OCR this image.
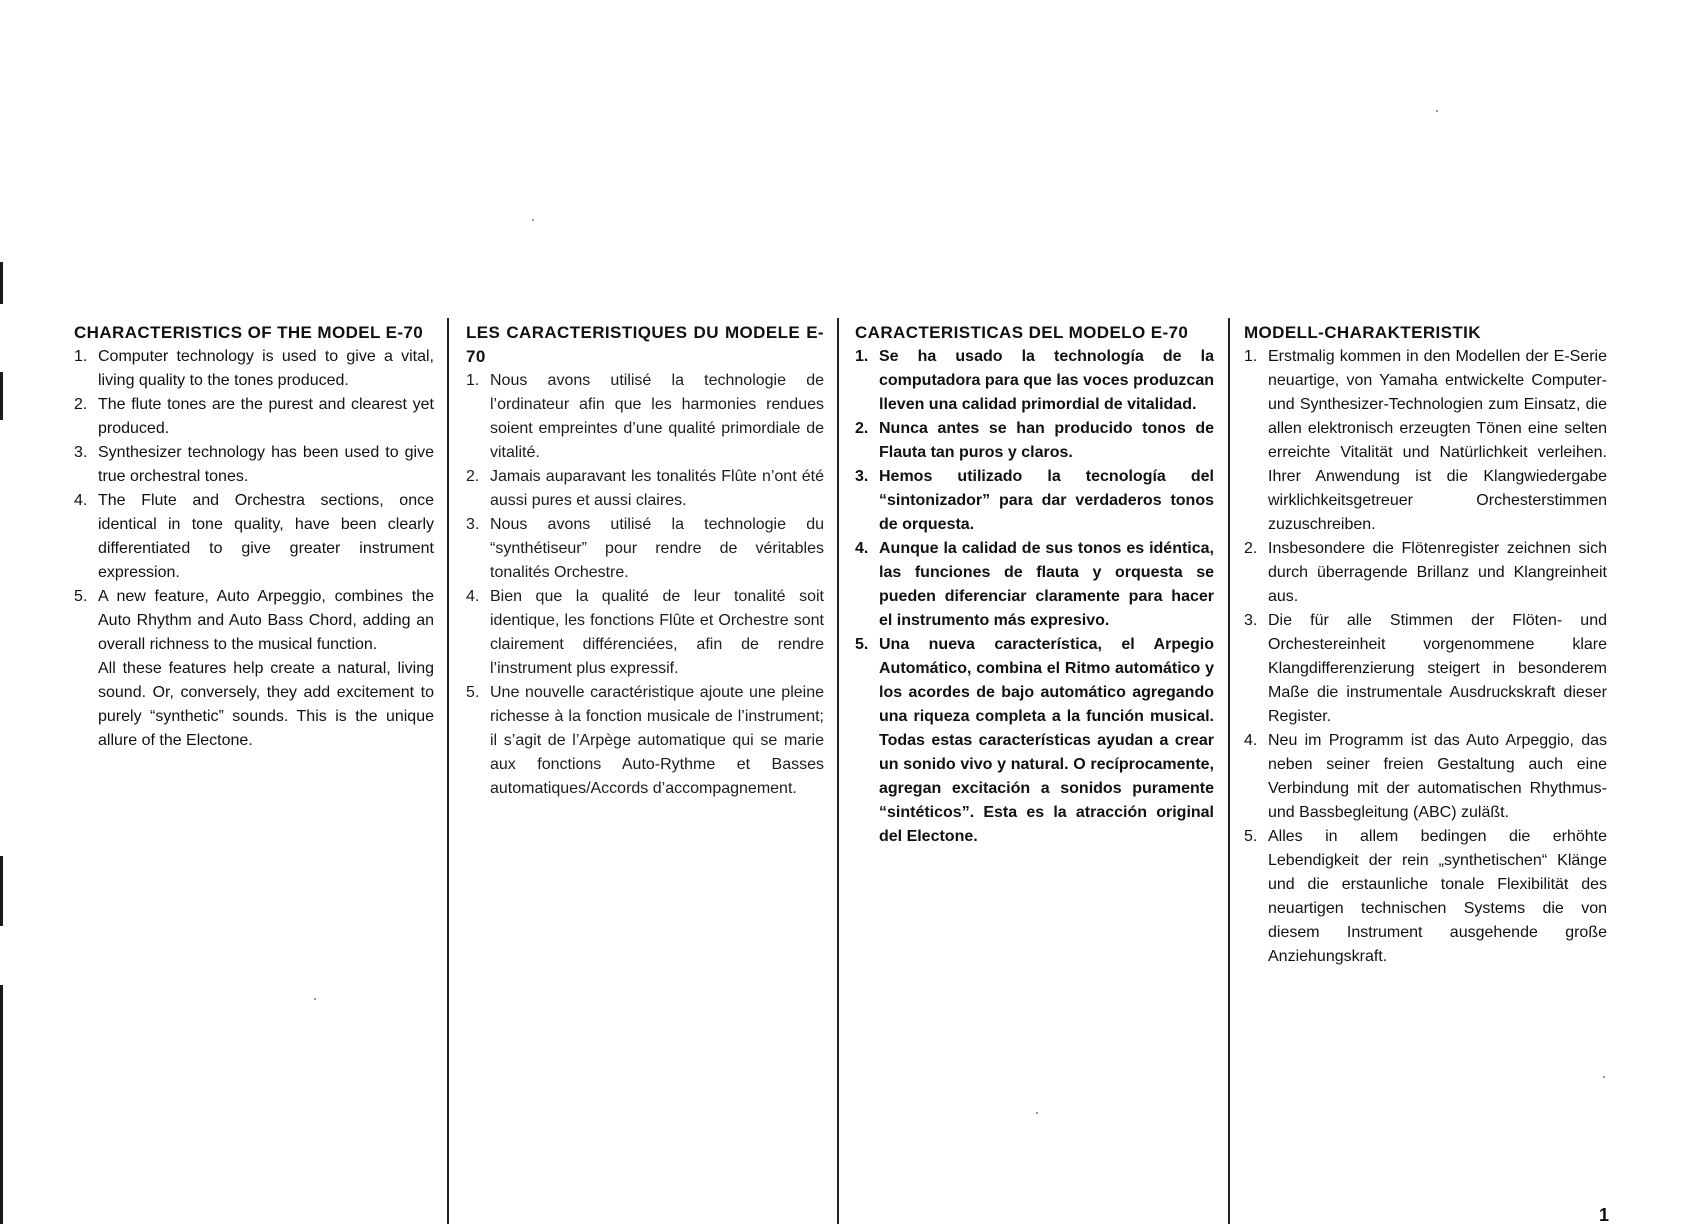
CHARACTERISTICS OF THE MODEL E-70
1. Computer technology is used to give a vital, living quality to the tones produced.
2. The flute tones are the purest and clearest yet produced.
3. Synthesizer technology has been used to give true orchestral tones.
4. The Flute and Orchestra sections, once identical in tone quality, have been clearly differentiated to give greater instrument expression.
5. A new feature, Auto Arpeggio, combines the Auto Rhythm and Auto Bass Chord, adding an overall richness to the musical function.

All these features help create a natural, living sound. Or, conversely, they add excitement to purely “synthetic” sounds. This is the unique allure of the Electone.

LES CARACTERISTIQUES DU MODELE E-70
1. Nous avons utilisé la technologie de l’ordinateur afin que les harmonies rendues soient empreintes d’une qualité primordiale de vitalité.
2. Jamais auparavant les tonalités Flûte n’ont été aussi pures et aussi claires.
3. Nous avons utilisé la technologie du “synthétiseur” pour rendre de véritables tonalités Orchestre.
4. Bien que la qualité de leur tonalité soit identique, les fonctions Flûte et Orchestre sont clairement différenciées, afin de rendre l’instrument plus expressif.
5. Une nouvelle caractéristique ajoute une pleine richesse à la fonction musicale de l’instrument; il s’agit de l’Arpège automatique qui se marie aux fonctions Auto-Rythme et Basses automatiques/Accords d’accompagnement.
CARACTERISTICAS DEL MODELO E-70
1. Se ha usado la technología de la computadora para que las voces produzcan lleven una calidad primordial de vitalidad.
2. Nunca antes se han producido tonos de Flauta tan puros y claros.
3. Hemos utilizado la tecnología del “sintonizador” para dar verdaderos tonos de orquesta.
4. Aunque la calidad de sus tonos es idéntica, las funciones de flauta y orquesta se pueden diferenciar claramente para hacer el instrumento más expresivo.
5. Una nueva característica, el Arpegio Automático, combina el Ritmo automático y los acordes de bajo automático agregando una riqueza completa a la función musical. Todas estas características ayudan a crear un sonido vivo y natural. O recíprocamente, agregan excitación a sonidos puramente “sintéticos”. Esta es la atracción original del Electone.
MODELL-CHARAKTERISTIK
1. Erstmalig kommen in den Modellen der E-Serie neuartige, von Yamaha entwickelte Computer- und Synthesizer-Technologien zum Einsatz, die allen elektronisch erzeugten Tönen eine selten erreichte Vitalität und Natürlichkeit verleihen. Ihrer Anwendung ist die Klangwiedergabe wirklichkeitsgetreuer Orchesterstimmen zuzuschreiben.
2. Insbesondere die Flötenregister zeichnen sich durch überragende Brillanz und Klangreinheit aus.
3. Die für alle Stimmen der Flöten- und Orchestereinheit vorgenommene klare Klangdifferenzierung steigert in besonderem Maße die instrumentale Ausdruckskraft dieser Register.
4. Neu im Programm ist das Auto Arpeggio, das neben seiner freien Gestaltung auch eine Verbindung mit der automatischen Rhythmus- und Bassbegleitung (ABC) zuläßt.
5. Alles in allem bedingen die erhöhte Lebendigkeit der rein „synthetischen“ Klänge und die erstaunliche tonale Flexibilität des neuartigen technischen Systems die von diesem Instrument ausgehende große Anziehungskraft.
1
